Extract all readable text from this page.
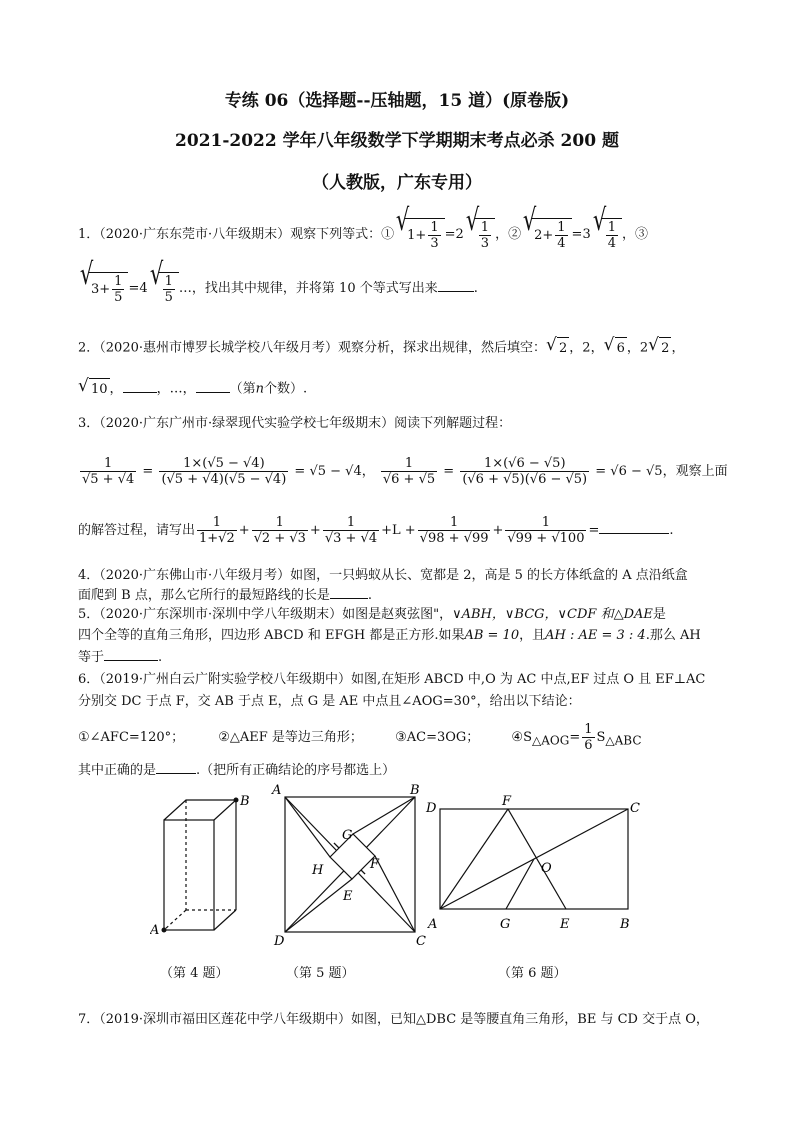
专练 06（选择题--压轴题，15 道）(原卷版)
2021-2022 学年八年级数学下学期期末考点必杀 200 题
（人教版，广东专用）
1．（2020·广东东莞市·八年级期末）观察下列等式：① √ $1+ \frac{1}{3} =2$ √ $\frac{1}{3}$ ，② √ $2+ \frac{1}{4} =3$ √ $\frac{1}{4}$ ，③
√ $3+ \frac{1}{5} =4$ √ $\frac{1}{5}$ …，找出其中规律，并将第 10 个等式写出来	.
2．（2020·惠州市博罗长城学校八年级月考）观察分析，探求出规律，然后填空： √ 2 ，2， √ 6 ，2 √ 2 ，
√ 10 ，	，…，	（第n个数）.
3．（2020·广东广州市·绿翠现代实验学校七年级期末）阅读下列解题过程：
$\frac{1}{√5 + √4} = \frac{1\times(√5 - √4)}{(√5 + √4)(√5 - √4)} = √5 - √4$， $\frac{1}{√6 + √5} = \frac{1\times(√6 - √5)}{(√6 + √5)(√6 - √5)} = √6 - √5$，观察上面
的解答过程，请写出 $\frac{1}{1+√2} + \frac{1}{√2 + √3} + \frac{1}{√3 + √4} +L + \frac{1}{√98 + √99} + \frac{1}{√99 + √100}$ =	.
4．（2020·广东佛山市·八年级月考）如图，一只蚂蚁从长、宽都是 2，高是 5 的长方体纸盒的 A 点沿纸盒
面爬到 B 点，那么它所行的最短路线的长是	.
5．（2020·广东深圳市·深圳中学八年级期末）如图是赵爽弦图"，∨ABH，∨BCG，∨CDF 和△DAE是
四个全等的直角三角形，四边形 ABCD 和 EFGH 都是正方形.如果AB = 10，且AH : AE = 3 : 4.那么 AH
等于	.
6．（2019·广州白云广附实验学校八年级期中）如图,在矩形 ABCD 中,O 为 AC 中点,EF 过点 O 且 EF⊥AC
分别交 DC 于点 F，交 AB 于点 E，点 G 是 AE 中点且∠AOG=30°，给出以下结论：
①∠AFC=120°；	②△AEF 是等边三角形； ③AC=3OG； $④S_{\triangle AOG}= \frac{1}{6} S_{\triangle ABC}$
其中正确的是	.（把所有正确结论的序号都选上）
B
A
（第 4 题）
A	B
C
D
G
F
H
E
（第 5 题）
D	F	C
O
A	G	E	B
（第 6 题）
7．（2019·深圳市福田区莲花中学八年级期中）如图，已知△DBC 是等腰直角三角形，BE 与 CD 交于点 O，
